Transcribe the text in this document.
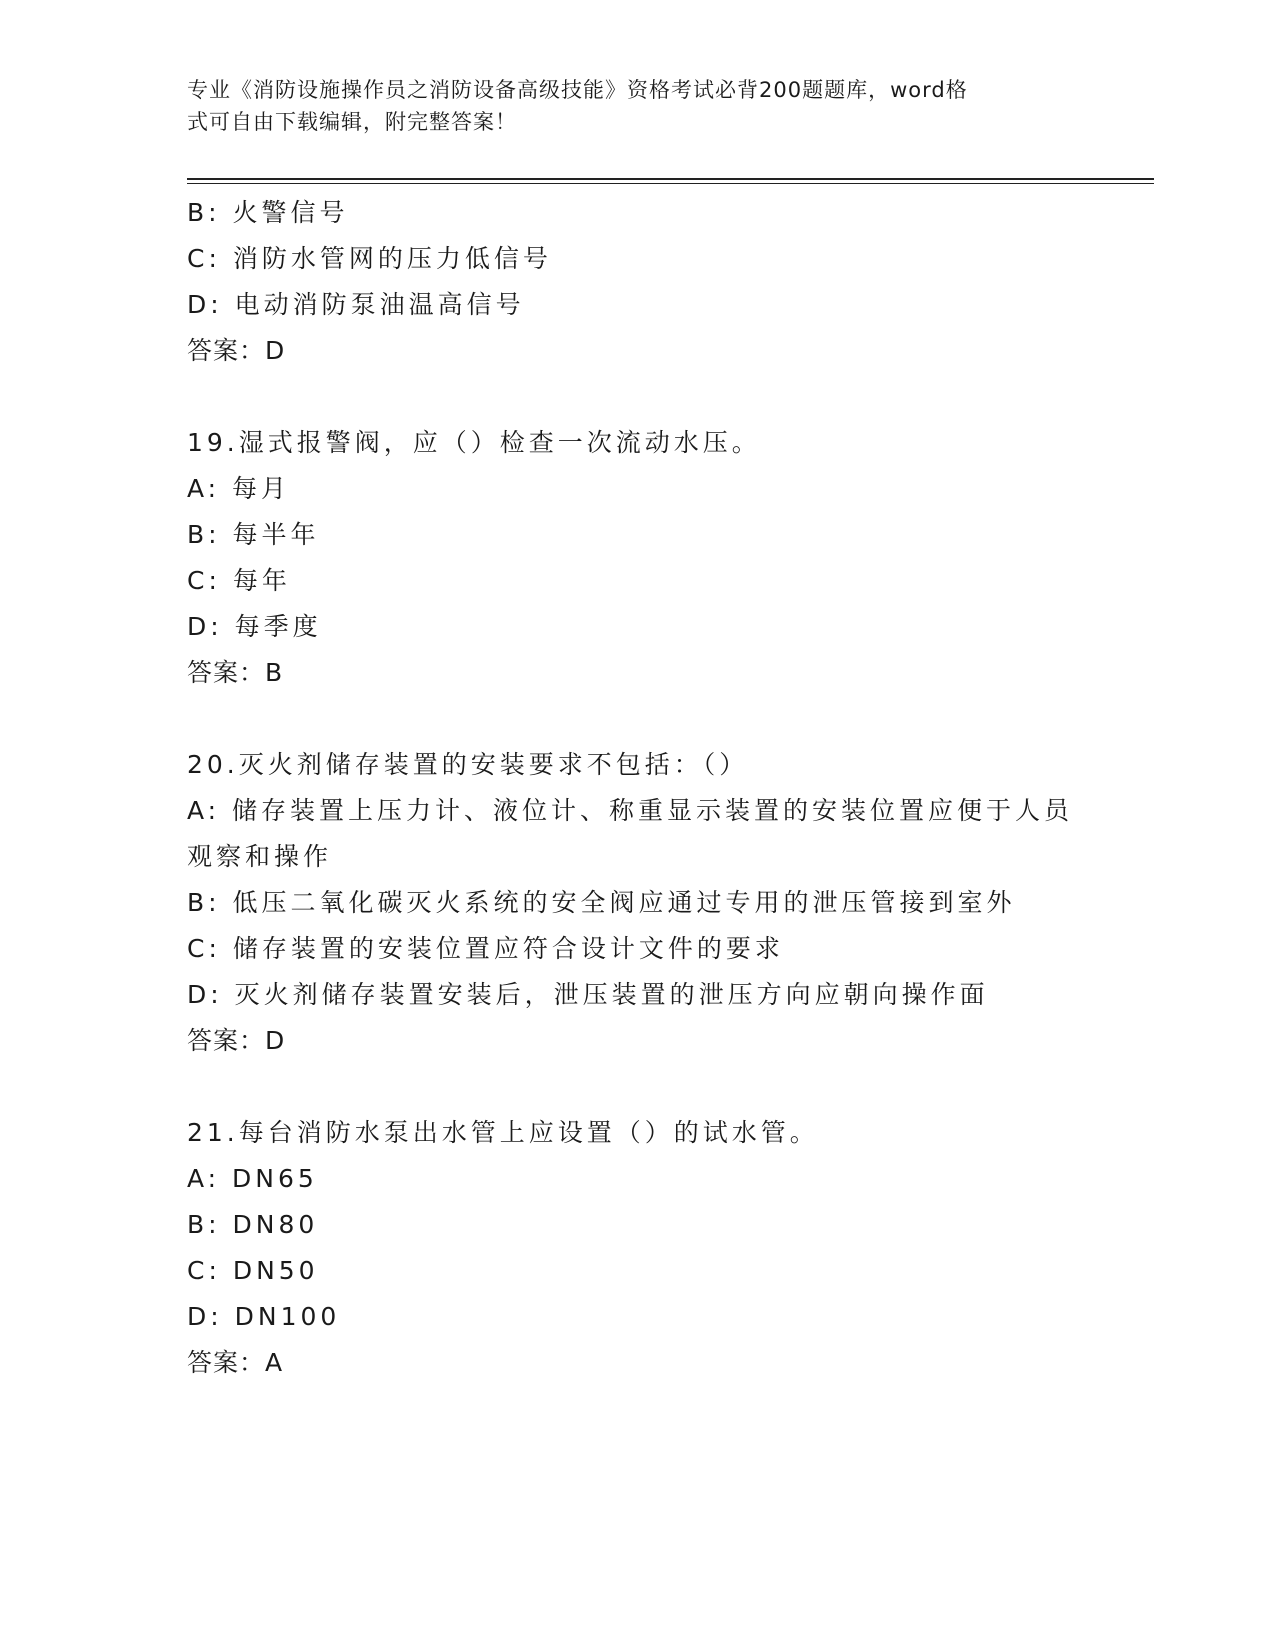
专业《消防设施操作员之消防设备高级技能》资格考试必背200题题库，word格
式可自由下载编辑，附完整答案！
B: 火警信号
C: 消防水管网的压力低信号
D: 电动消防泵油温高信号
答案：D
19.湿式报警阀，应（）检查一次流动水压。
A: 每月
B: 每半年
C: 每年
D: 每季度
答案：B
20.灭火剂储存装置的安装要求不包括：（）
A: 储存装置上压力计、液位计、称重显示装置的安装位置应便于人员
观察和操作
B: 低压二氧化碳灭火系统的安全阀应通过专用的泄压管接到室外
C: 储存装置的安装位置应符合设计文件的要求
D: 灭火剂储存装置安装后，泄压装置的泄压方向应朝向操作面
答案：D
21.每台消防水泵出水管上应设置（）的试水管。
A: DN65
B: DN80
C: DN50
D: DN100
答案：A
